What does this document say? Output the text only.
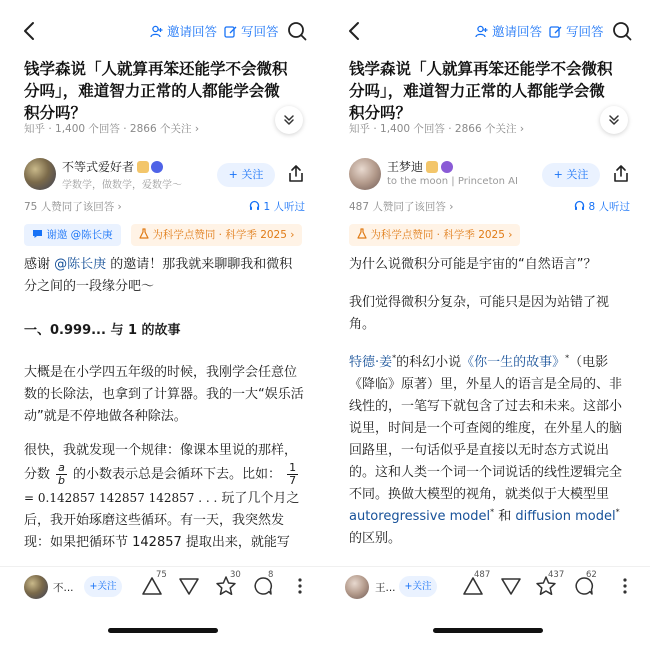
邀请回答	写回答
钱学森说「人就算再笨还能学不会微积分吗」，难道智力正常的人都能学会微积分吗？
知乎 · 1,400 个回答 · 2866 个关注 ›
不等式爱好者
学数学，做数学，爱数学～
+ 关注
75 人赞同了该回答 ›	1 人听过
谢邀 @陈长庚	为科学点赞同 · 科学季 2025 ›
感谢 @陈长庚 的邀请！那我就来聊聊我和微积分之间的一段缘分吧～
一、0.999... 与 1 的故事
大概是在小学四五年级的时候，我刚学会任意位数的长除法，也拿到了计算器。我的一大“娱乐活动”就是不停地做各种除法。
很快，我就发现一个规律：像课本里说的那样，分数 $\frac{a}{b}$ 的小数表示总是会循环下去。比如： $\frac{1}{7}$
= 0.142857 142857 142857 . . . 玩了几个月之后，我开始琢磨这些循环。有一天，我突然发现：如果把循环节 142857 提取出来，就能写
不...	+关注
75	30	8
邀请回答	写回答
钱学森说「人就算再笨还能学不会微积分吗」，难道智力正常的人都能学会微积分吗？
知乎 · 1,400 个回答 · 2866 个关注 ›
王梦迪
to the moon | Princeton AI
+ 关注
487 人赞同了该回答 ›	8 人听过
为科学点赞同 · 科学季 2025 ›
为什么说微积分可能是宇宙的“自然语言”？
我们觉得微积分复杂，可能只是因为站错了视角。
特德·姜*的科幻小说《你一生的故事》*（电影《降临》原著）里，外星人的语言是全局的、非线性的，一笔写下就包含了过去和未来。这部小说里，时间是一个可查阅的维度，在外星人的脑回路里，一句话似乎是直接以无时态方式说出的。这和人类一个词一个词说话的线性逻辑完全不同。换做大模型的视角，就类似于大模型里 autoregressive model* 和 diffusion model* 的区别。
王... +关注
487	437	62
